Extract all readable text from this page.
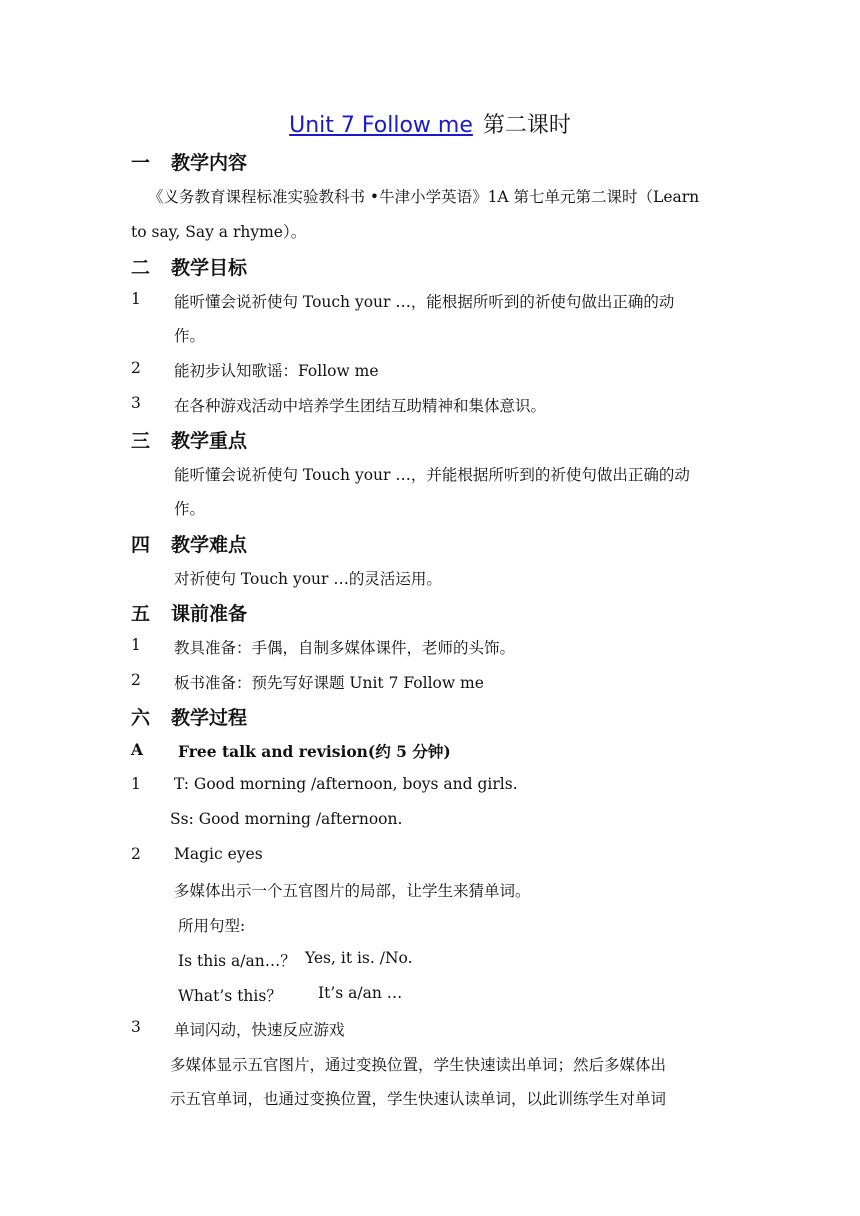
Unit 7 Follow me 第二课时
一 教学内容
《义务教育课程标准实验教科书 •牛津小学英语》1A 第七单元第二课时（Learn
to say, Say a rhyme）。
二 教学目标
1 能听懂会说祈使句 Touch your …，能根据所听到的祈使句做出正确的动
作。
2 能初步认知歌谣：Follow me
3 在各种游戏活动中培养学生团结互助精神和集体意识。
三 教学重点
能听懂会说祈使句 Touch your …，并能根据所听到的祈使句做出正确的动
作。
四 教学难点
对祈使句 Touch your …的灵活运用。
五 课前准备
1 教具准备：手偶，自制多媒体课件，老师的头饰。
2 板书准备：预先写好课题 Unit 7 Follow me
六 教学过程
A Free talk and revision(约 5 分钟)
1 T: Good morning /afternoon, boys and girls.
Ss: Good morning /afternoon.
2 Magic eyes
多媒体出示一个五官图片的局部，让学生来猜单词。
所用句型:
Is this a/an…？ Yes, it is. /No.
What’s this？ It’s a/an …
3 单词闪动，快速反应游戏
多媒体显示五官图片，通过变换位置，学生快速读出单词；然后多媒体出
示五官单词，也通过变换位置，学生快速认读单词，以此训练学生对单词
